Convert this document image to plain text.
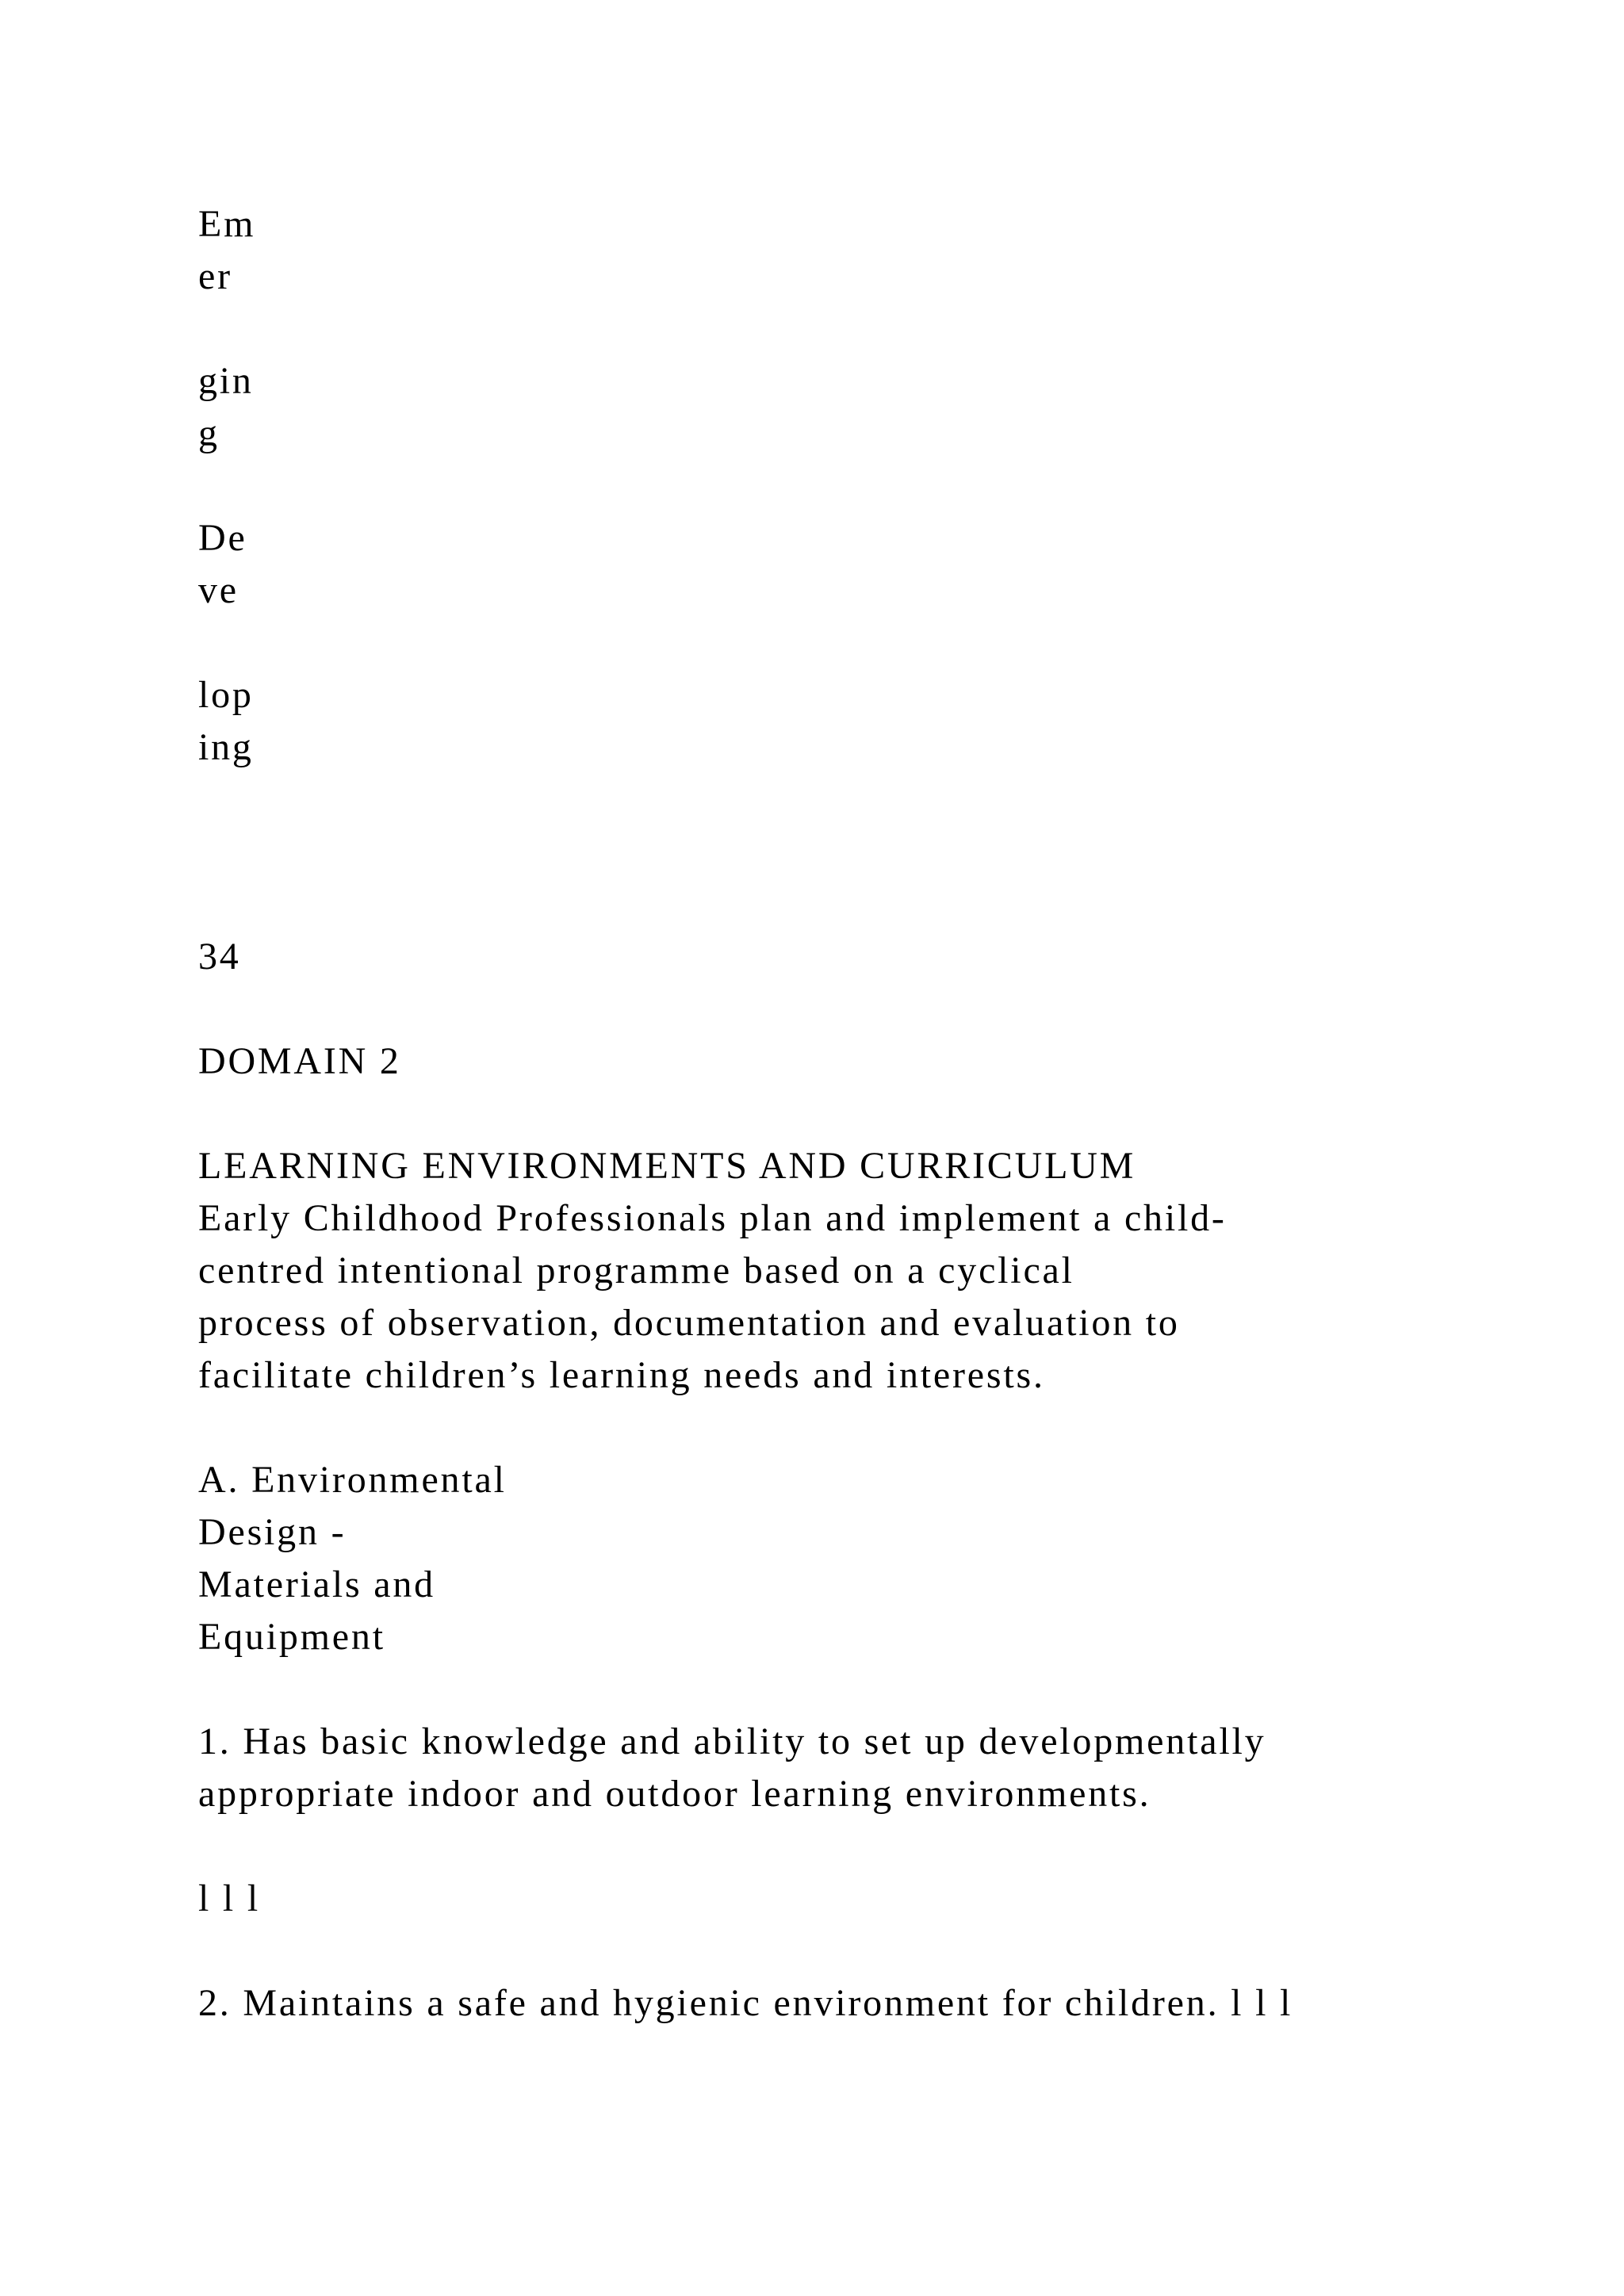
Em

er

gin

g

De

ve

lop

ing

34

DOMAIN 2

LEARNING ENVIRONMENTS AND CURRICULUM

Early Childhood Professionals plan and implement a child-

centred intentional programme based on a cyclical

process of observation, documentation and evaluation to

facilitate children’s learning needs and interests.

A. Environmental

Design -

Materials and

Equipment

1. Has basic knowledge and ability to set up developmentally

appropriate indoor and outdoor learning environments.

l l l

2. Maintains a safe and hygienic environment for children. l l l
